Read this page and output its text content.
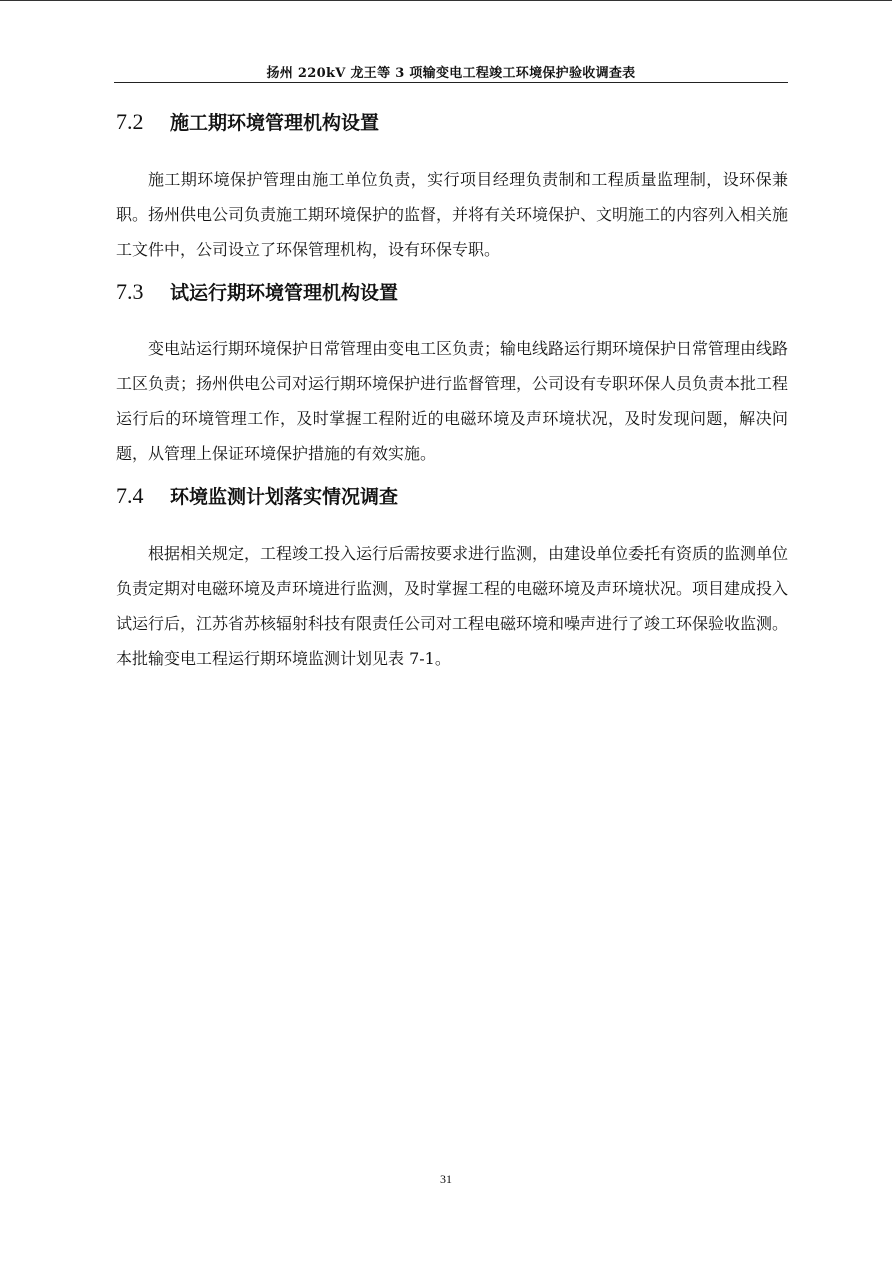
扬州 220kV 龙王等 3 项输变电工程竣工环境保护验收调查表
7.2 施工期环境管理机构设置

施工期环境保护管理由施工单位负责，实行项目经理负责制和工程质量监理制，设环保兼职。扬州供电公司负责施工期环境保护的监督，并将有关环境保护、文明施工的内容列入相关施工文件中，公司设立了环保管理机构，设有环保专职。

7.3 试运行期环境管理机构设置

变电站运行期环境保护日常管理由变电工区负责；输电线路运行期环境保护日常管理由线路工区负责；扬州供电公司对运行期环境保护进行监督管理，公司设有专职环保人员负责本批工程运行后的环境管理工作，及时掌握工程附近的电磁环境及声环境状况，及时发现问题，解决问题，从管理上保证环境保护措施的有效实施。

7.4 环境监测计划落实情况调查

根据相关规定，工程竣工投入运行后需按要求进行监测，由建设单位委托有资质的监测单位负责定期对电磁环境及声环境进行监测，及时掌握工程的电磁环境及声环境状况。项目建成投入试运行后，江苏省苏核辐射科技有限责任公司对工程电磁环境和噪声进行了竣工环保验收监测。本批输变电工程运行期环境监测计划见表 7-1。

31
